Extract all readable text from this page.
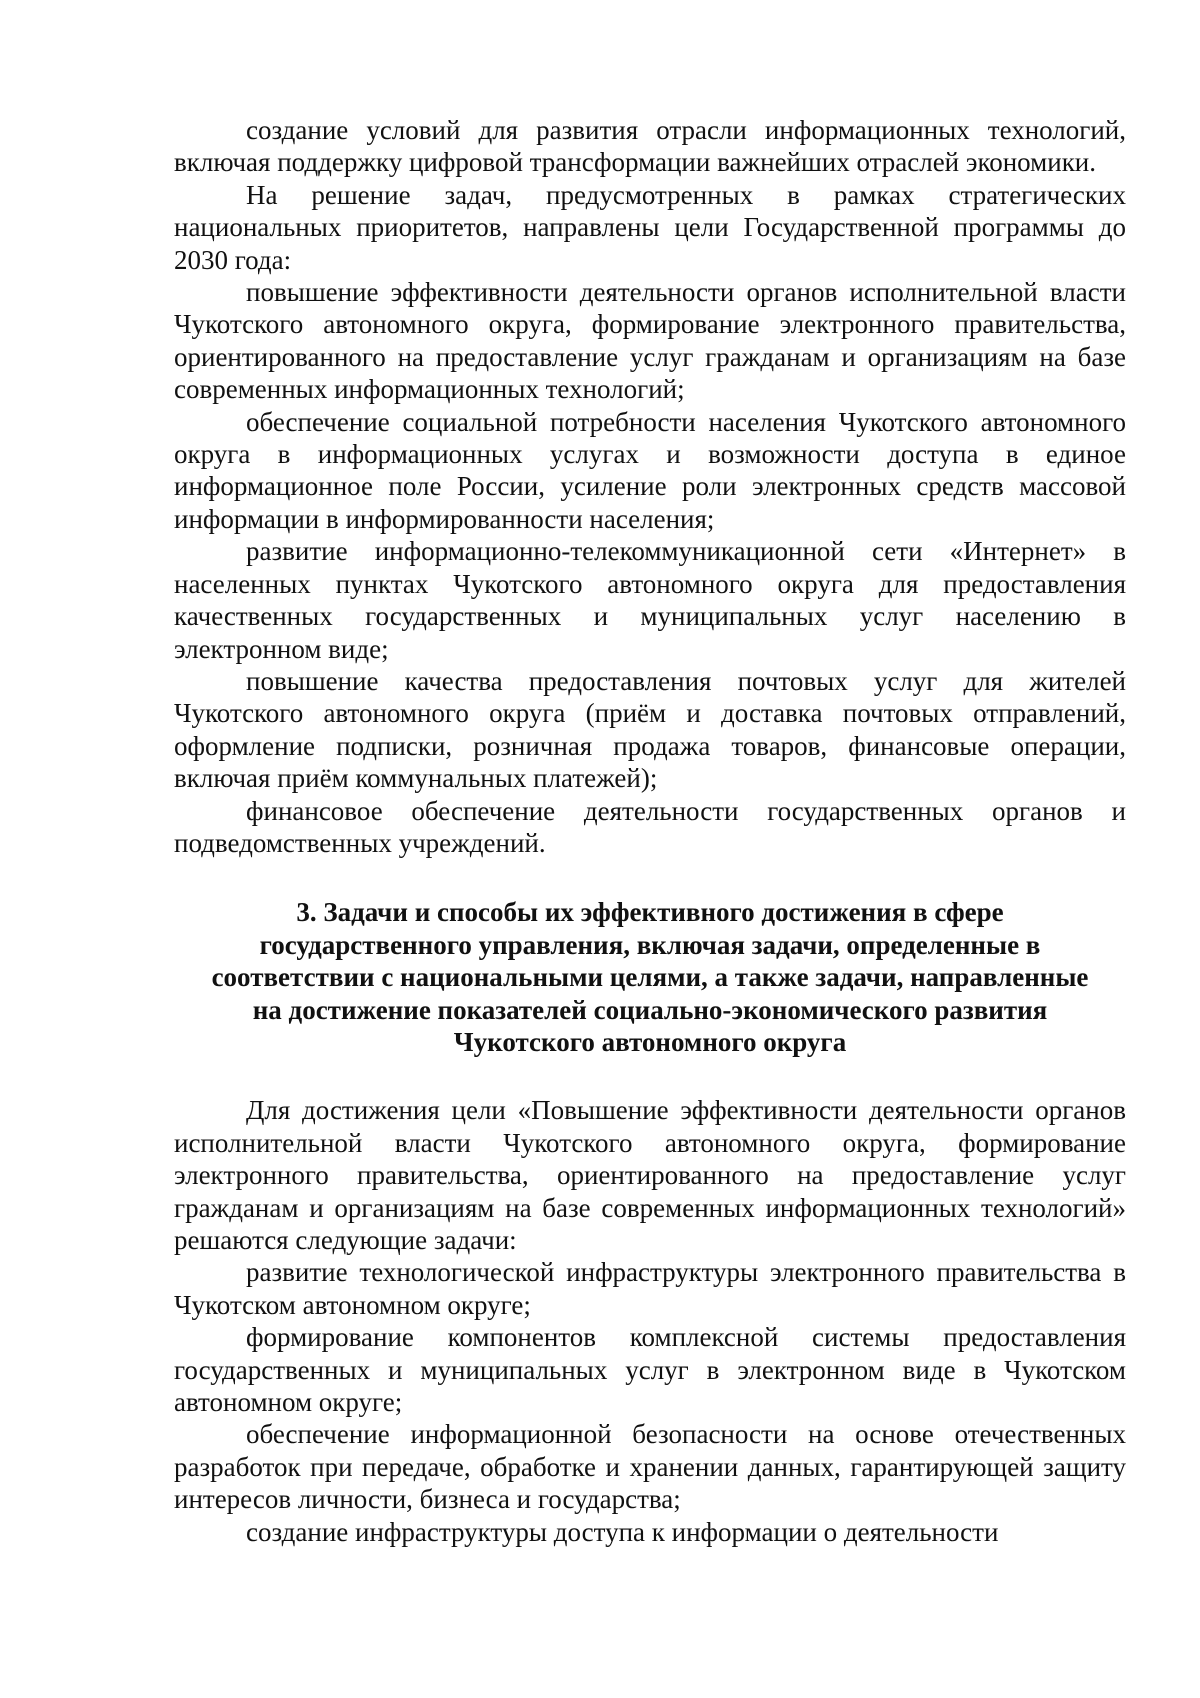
создание условий для развития отрасли информационных технологий, включая поддержку цифровой трансформации важнейших отраслей экономики.

На решение задач, предусмотренных в рамках стратегических национальных приоритетов, направлены цели Государственной программы до 2030 года:

повышение эффективности деятельности органов исполнительной власти Чукотского автономного округа, формирование электронного правительства, ориентированного на предоставление услуг гражданам и организациям на базе современных информационных технологий;

обеспечение социальной потребности населения Чукотского автономного округа в информационных услугах и возможности доступа в единое информационное поле России, усиление роли электронных средств массовой информации в информированности населения;

развитие информационно-телекоммуникационной сети «Интернет» в населенных пунктах Чукотского автономного округа для предоставления качественных государственных и муниципальных услуг населению в электронном виде;

повышение качества предоставления почтовых услуг для жителей Чукотского автономного округа (приём и доставка почтовых отправлений, оформление подписки, розничная продажа товаров, финансовые операции, включая приём коммунальных платежей);

финансовое обеспечение деятельности государственных органов и подведомственных учреждений.

3. Задачи и способы их эффективного достижения в сфере
государственного управления, включая задачи, определенные в
соответствии с национальными целями, а также задачи, направленные
на достижение показателей социально-экономического развития
Чукотского автономного округа

Для достижения цели «Повышение эффективности деятельности органов исполнительной власти Чукотского автономного округа, формирование электронного правительства, ориентированного на предоставление услуг гражданам и организациям на базе современных информационных технологий» решаются следующие задачи:

развитие технологической инфраструктуры электронного правительства в Чукотском автономном округе;

формирование компонентов комплексной системы предоставления государственных и муниципальных услуг в электронном виде в Чукотском автономном округе;

обеспечение информационной безопасности на основе отечественных разработок при передаче, обработке и хранении данных, гарантирующей защиту интересов личности, бизнеса и государства;

создание инфраструктуры доступа к информации о деятельности
